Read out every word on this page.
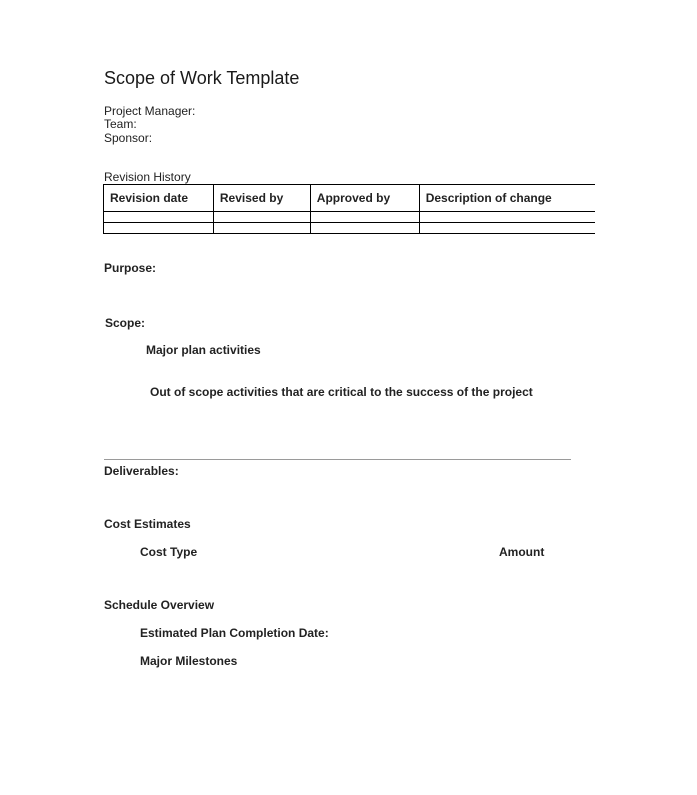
Scope of Work Template
Project Manager:
Team:
Sponsor:
Revision History
Revision date	Revised by	Approved by	Description of change

Purpose:
Scope:
Major plan activities
Out of scope activities that are critical to the success of the project
Deliverables:
Cost Estimates
Cost Type	Amount
Schedule Overview
Estimated Plan Completion Date:
Major Milestones
